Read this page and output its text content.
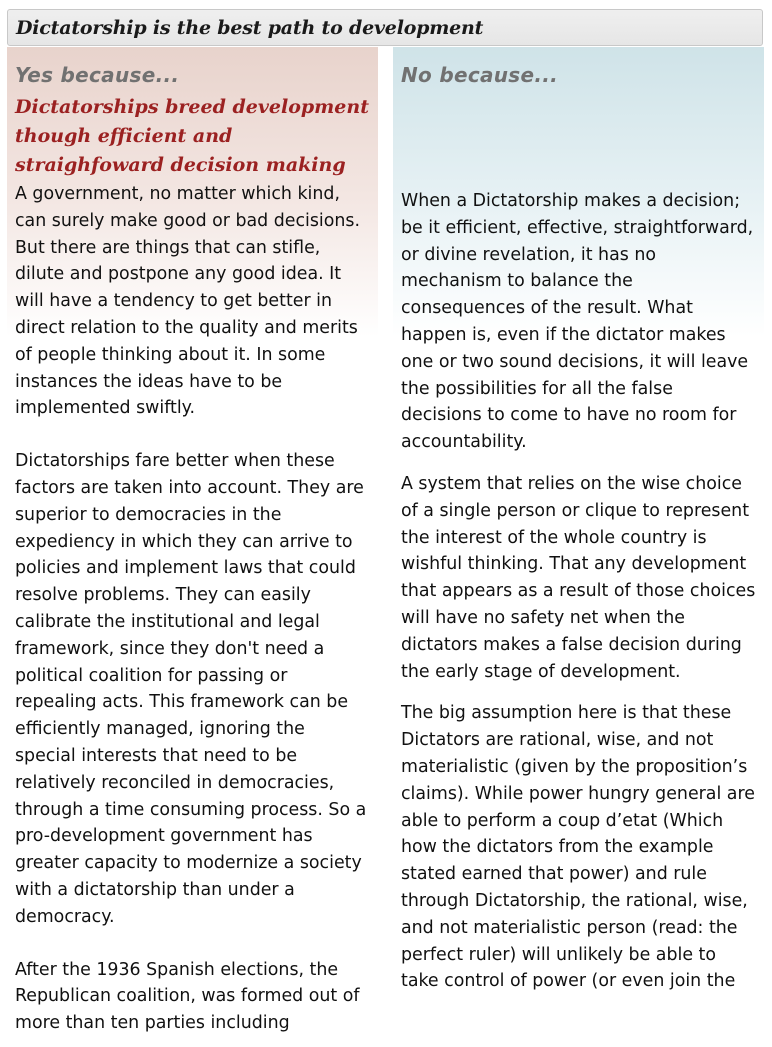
Dictatorship is the best path to development
Yes because...
Dictatorships breed development though efficient and straighfoward decision making

A government, no matter which kind, can surely make good or bad decisions. But there are things that can stifle, dilute and postpone any good idea. It will have a tendency to get better in direct relation to the quality and merits of people thinking about it. In some instances the ideas have to be implemented swiftly.

Dictatorships fare better when these factors are taken into account. They are superior to democracies in the expediency in which they can arrive to policies and implement laws that could resolve problems. They can easily calibrate the institutional and legal framework, since they don't need a political coalition for passing or repealing acts. This framework can be efficiently managed, ignoring the special interests that need to be relatively reconciled in democracies, through a time consuming process. So a pro-development government has greater capacity to modernize a society with a dictatorship than under a democracy.

After the 1936 Spanish elections, the Republican coalition, was formed out of more than ten parties including

No because...

When a Dictatorship makes a decision; be it efficient, effective, straightforward, or divine revelation, it has no mechanism to balance the consequences of the result. What happen is, even if the dictator makes one or two sound decisions, it will leave the possibilities for all the false decisions to come to have no room for accountability.

A system that relies on the wise choice of a single person or clique to represent the interest of the whole country is wishful thinking. That any development that appears as a result of those choices will have no safety net when the dictators makes a false decision during the early stage of development.

The big assumption here is that these Dictators are rational, wise, and not materialistic (given by the proposition’s claims). While power hungry general are able to perform a coup d’etat (Which how the dictators from the example stated earned that power) and rule through Dictatorship, the rational, wise, and not materialistic person (read: the perfect ruler) will unlikely be able to take control of power (or even join the
